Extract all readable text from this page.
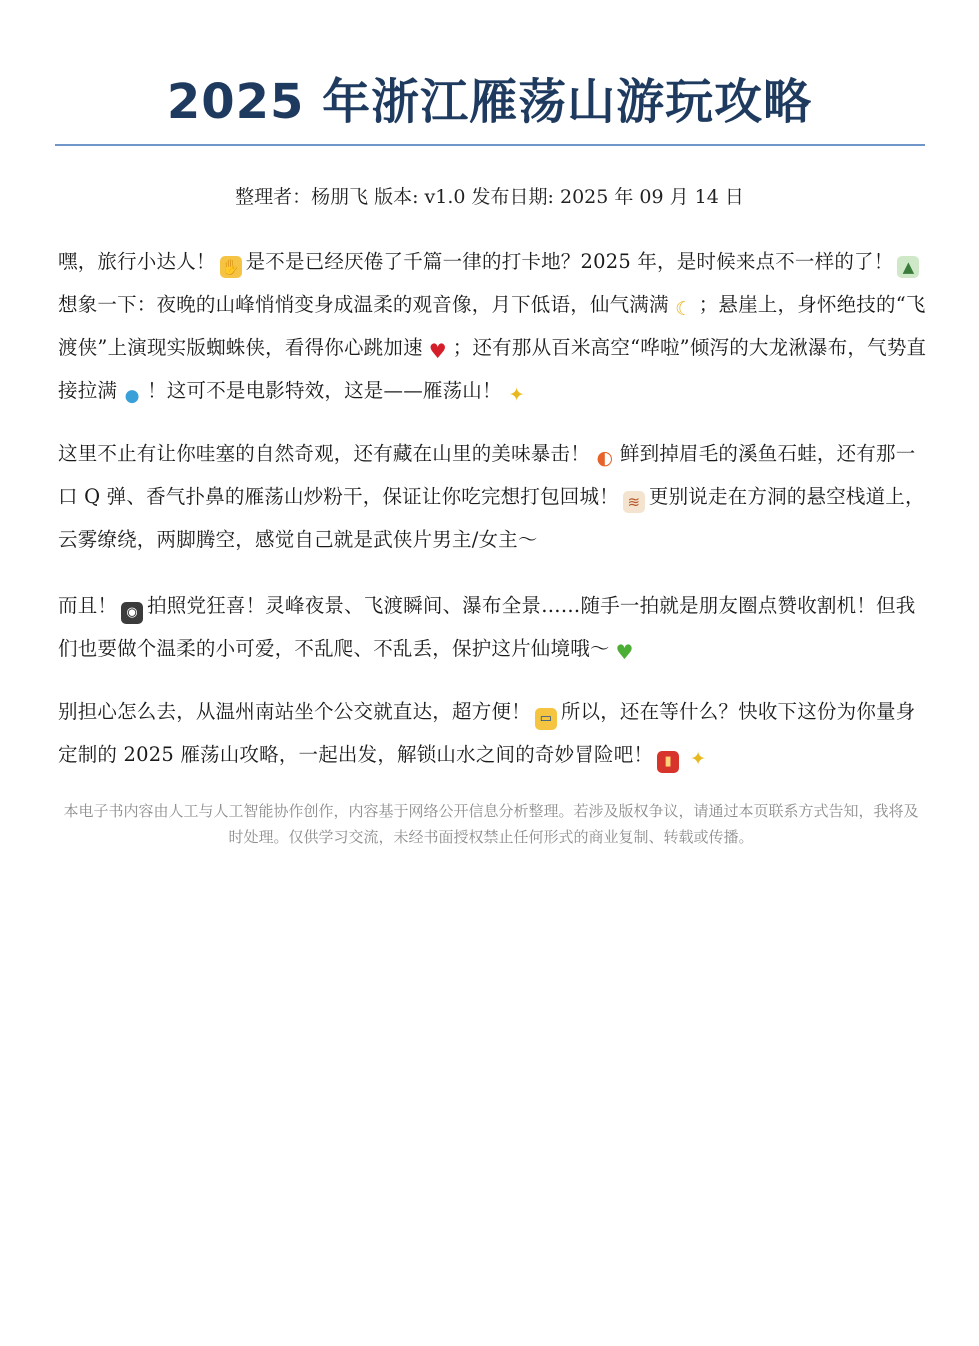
2025 年浙江雁荡山游玩攻略
整理者：杨朋飞 版本: v1.0 发布日期: 2025 年 09 月 14 日

嘿，旅行小达人！ ✋ 是不是已经厌倦了千篇一律的打卡地？2025 年，是时候来点不一样的了！ ▲想象一下：夜晚的山峰悄悄变身成温柔的观音像，月下低语，仙气满满 ☾ ；悬崖上，身怀绝技的“飞渡侠”上演现实版蜘蛛侠，看得你心跳加速 ♥ ；还有那从百米高空“哗啦”倾泻的大龙湫瀑布，气势直接拉满 ● ！这可不是电影特效，这是——雁荡山！ ✦

这里不止有让你哇塞的自然奇观，还有藏在山里的美味暴击！ ◐ 鲜到掉眉毛的溪鱼石蛙，还有那一口 Q 弹、香气扑鼻的雁荡山炒粉干，保证让你吃完想打包回城！ ≋ 更别说走在方洞的悬空栈道上，云雾缭绕，两脚腾空，感觉自己就是武侠片男主/女主～

而且！ ◉ 拍照党狂喜！灵峰夜景、飞渡瞬间、瀑布全景……随手一拍就是朋友圈点赞收割机！但我们也要做个温柔的小可爱，不乱爬、不乱丢，保护这片仙境哦～ ♥

别担心怎么去，从温州南站坐个公交就直达，超方便！ ▭ 所以，还在等什么？快收下这份为你量身定制的 2025 雁荡山攻略，一起出发，解锁山水之间的奇妙冒险吧！ ▮ ✦

本电子书内容由人工与人工智能协作创作，内容基于网络公开信息分析整理。若涉及版权争议，请通过本页联系方式告知，我将及时处理。仅供学习交流，未经书面授权禁止任何形式的商业复制、转载或传播。
